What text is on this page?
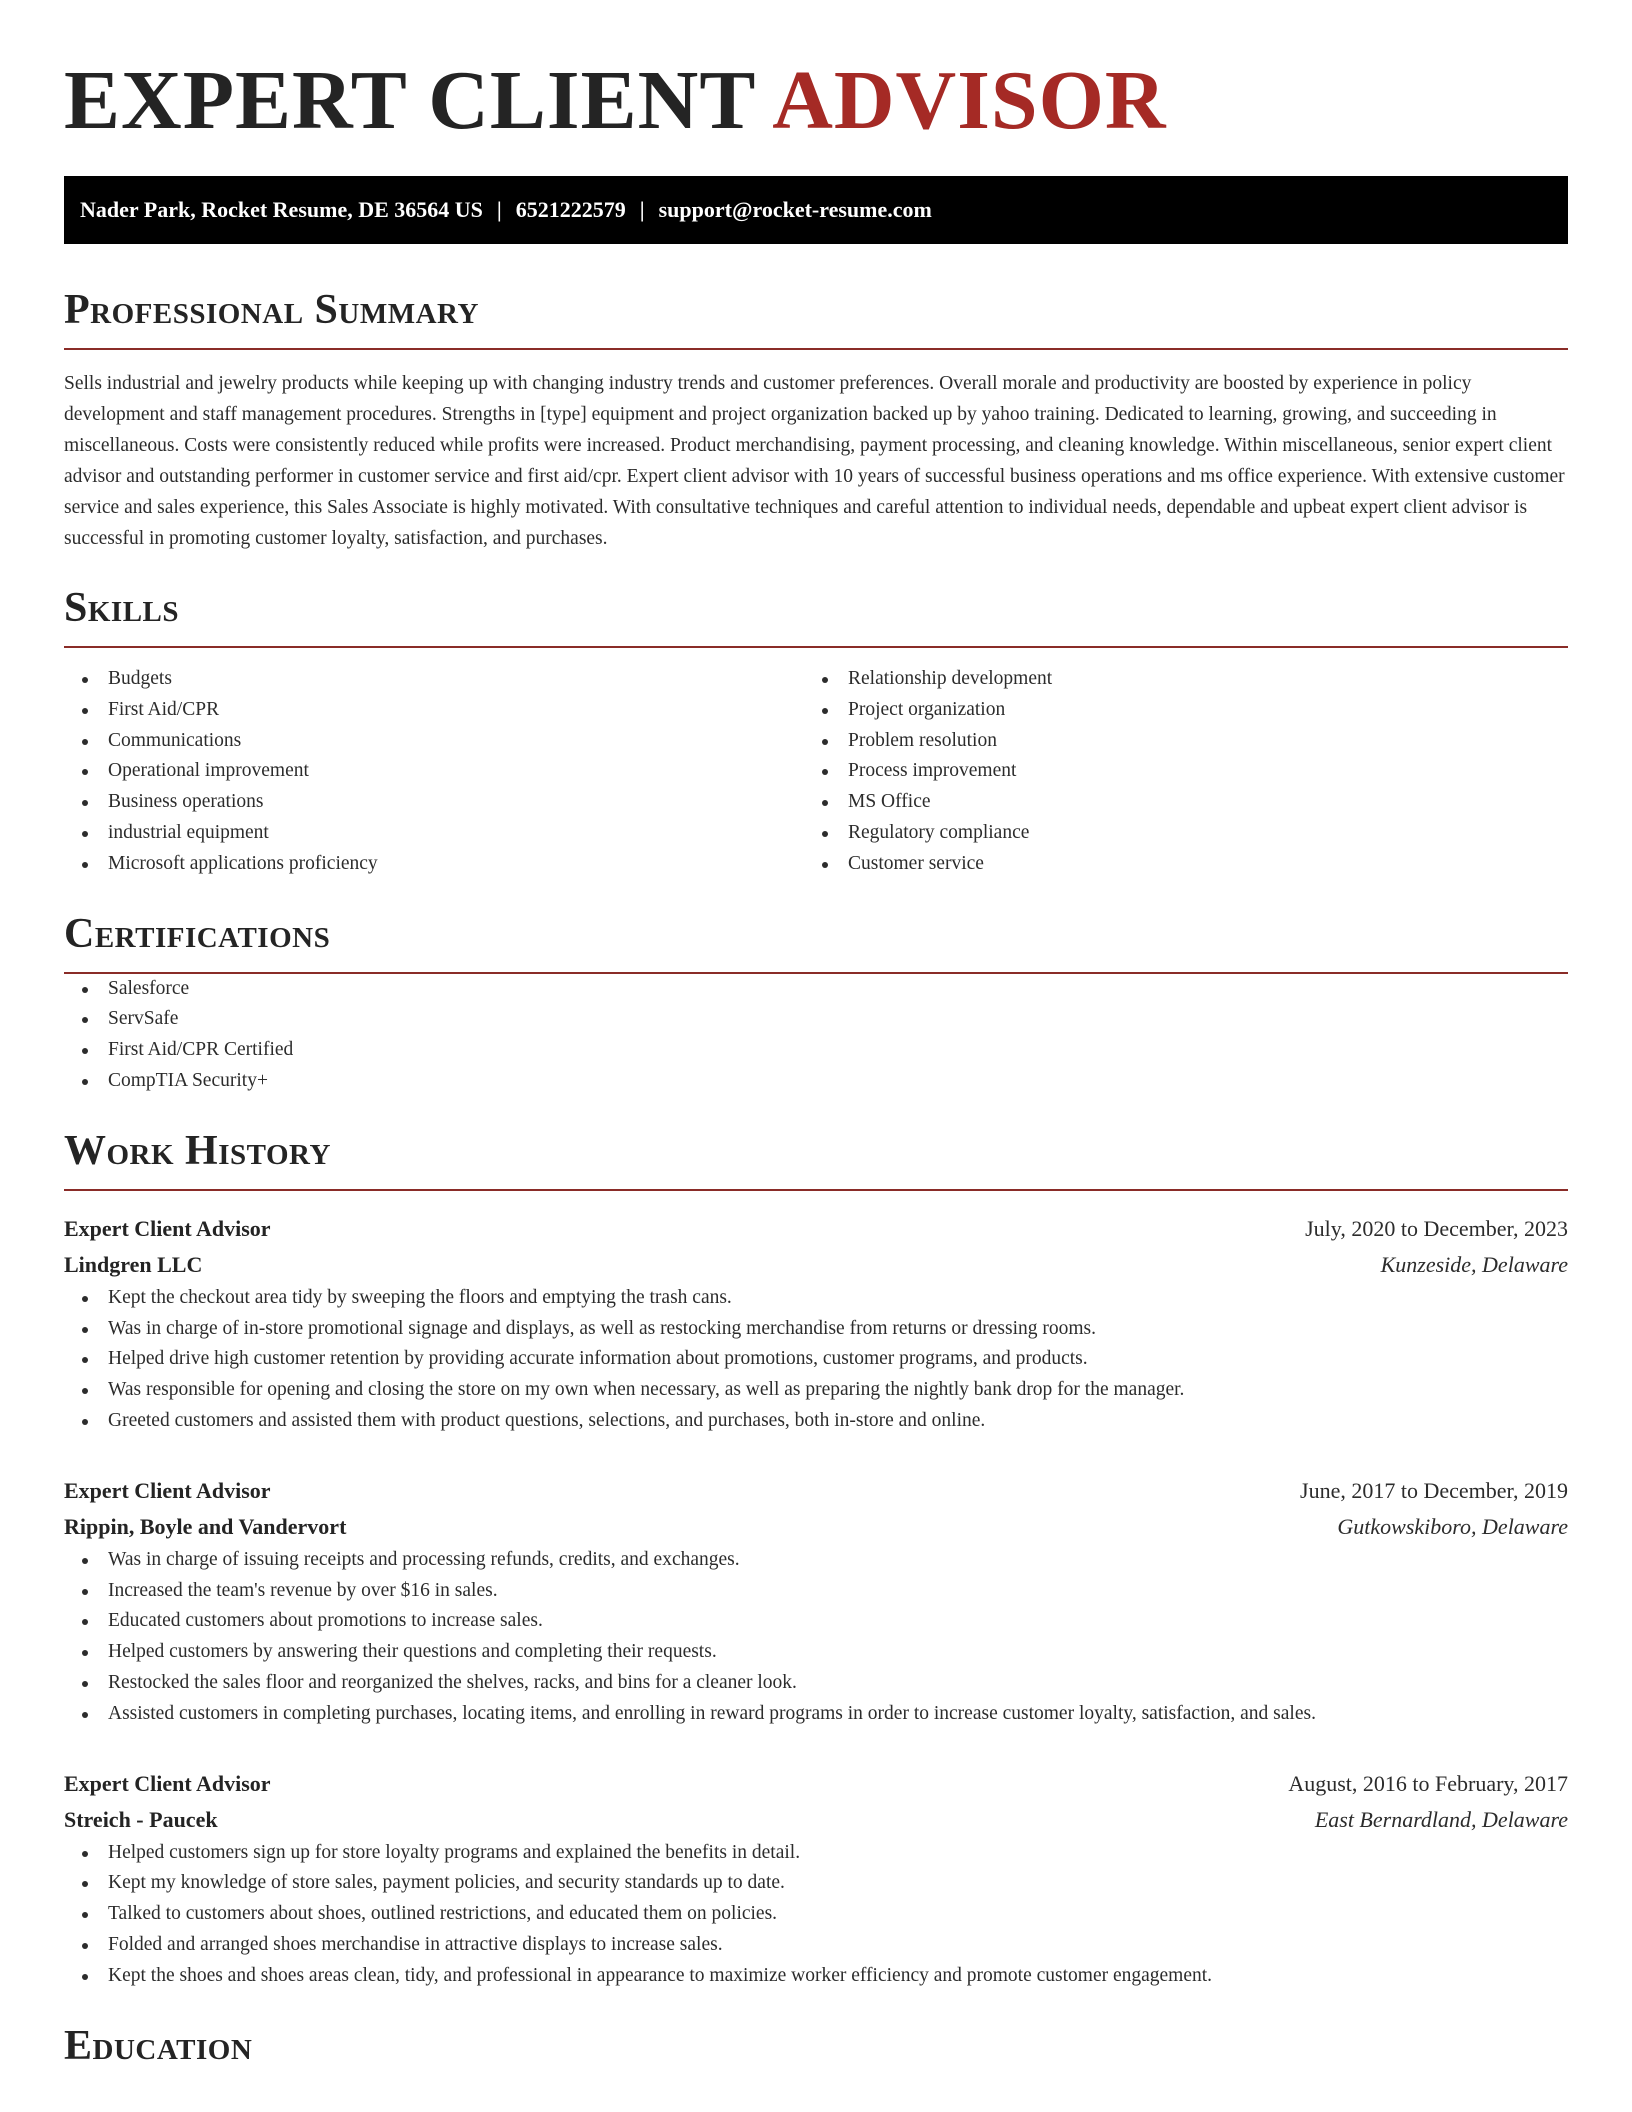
EXPERT CLIENT ADVISOR
Nader Park, Rocket Resume, DE 36564 US | 6521222579 | support@rocket-resume.com
Professional Summary

Sells industrial and jewelry products while keeping up with changing industry trends and customer preferences. Overall morale and productivity are boosted by experience in policy development and staff management procedures. Strengths in [type] equipment and project organization backed up by yahoo training. Dedicated to learning, growing, and succeeding in miscellaneous. Costs were consistently reduced while profits were increased. Product merchandising, payment processing, and cleaning knowledge. Within miscellaneous, senior expert client advisor and outstanding performer in customer service and first aid/cpr. Expert client advisor with 10 years of successful business operations and ms office experience. With extensive customer service and sales experience, this Sales Associate is highly motivated. With consultative techniques and careful attention to individual needs, dependable and upbeat expert client advisor is successful in promoting customer loyalty, satisfaction, and purchases.

Skills
Budgets
First Aid/CPR
Communications
Operational improvement
Business operations
industrial equipment
Microsoft applications proficiency
Relationship development
Project organization
Problem resolution
Process improvement
MS Office
Regulatory compliance
Customer service
Certifications
Salesforce
ServSafe
First Aid/CPR Certified
CompTIA Security+
Work History
Expert Client Advisor	July, 2020 to December, 2023
Lindgren LLC	Kunzeside, Delaware
Kept the checkout area tidy by sweeping the floors and emptying the trash cans.
Was in charge of in-store promotional signage and displays, as well as restocking merchandise from returns or dressing rooms.
Helped drive high customer retention by providing accurate information about promotions, customer programs, and products.
Was responsible for opening and closing the store on my own when necessary, as well as preparing the nightly bank drop for the manager.
Greeted customers and assisted them with product questions, selections, and purchases, both in-store and online.
Expert Client Advisor	June, 2017 to December, 2019
Rippin, Boyle and Vandervort	Gutkowskiboro, Delaware
Was in charge of issuing receipts and processing refunds, credits, and exchanges.
Increased the team's revenue by over $16 in sales.
Educated customers about promotions to increase sales.
Helped customers by answering their questions and completing their requests.
Restocked the sales floor and reorganized the shelves, racks, and bins for a cleaner look.
Assisted customers in completing purchases, locating items, and enrolling in reward programs in order to increase customer loyalty, satisfaction, and sales.
Expert Client Advisor	August, 2016 to February, 2017
Streich - Paucek	East Bernardland, Delaware
Helped customers sign up for store loyalty programs and explained the benefits in detail.
Kept my knowledge of store sales, payment policies, and security standards up to date.
Talked to customers about shoes, outlined restrictions, and educated them on policies.
Folded and arranged shoes merchandise in attractive displays to increase sales.
Kept the shoes and shoes areas clean, tidy, and professional in appearance to maximize worker efficiency and promote customer engagement.
Education
